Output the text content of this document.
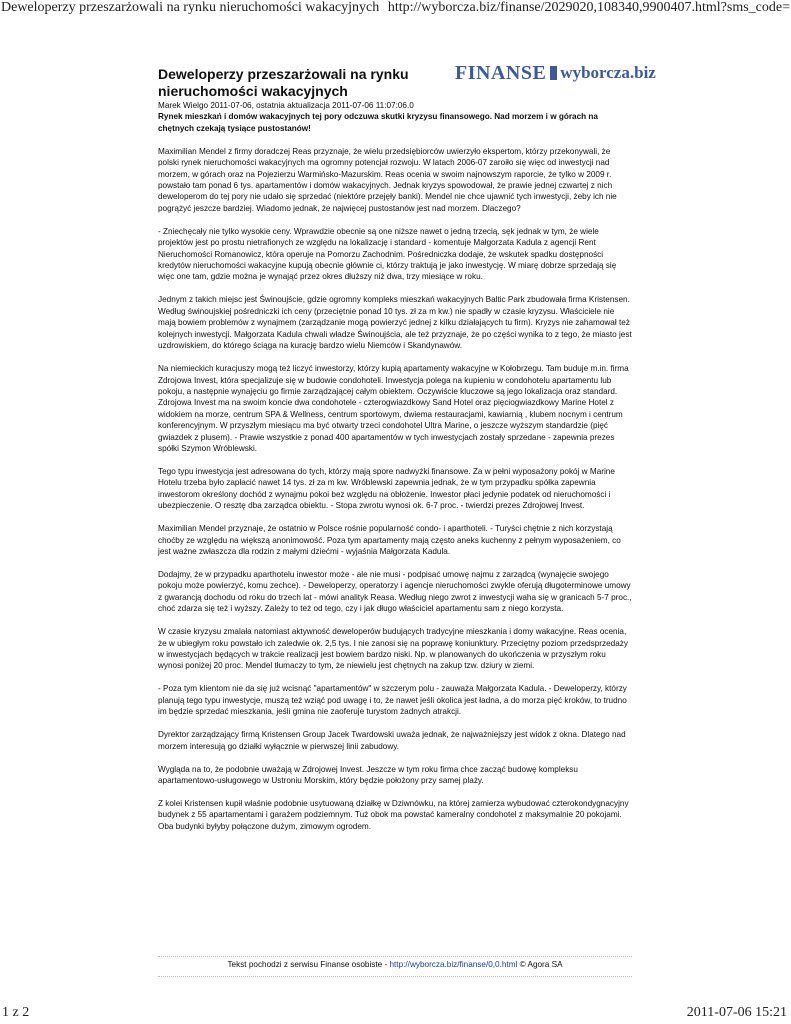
Deweloperzy przeszarżowali na rynku nieruchomości wakacyjnych http://wyborcza.biz/finanse/2029020,108340,9900407.html?sms_code=
FINANSE wyborcza .biz
Deweloperzy przeszarżowali na rynku nieruchomości wakacyjnych

Marek Wielgo 2011-07-06, ostatnia aktualizacja 2011-07-06 11:07:06.0

Rynek mieszkań i domów wakacyjnych tej pory odczuwa skutki kryzysu finansowego. Nad morzem i w górach na chętnych czekają tysiące pustostanów!

Maximilian Mendel z firmy doradczej Reas przyznaje, że wielu przedsiębiorców uwierzyło ekspertom, którzy przekonywali, że polski rynek nieruchomości wakacyjnych ma ogromny potencjał rozwoju. W latach 2006-07 zaroiło się więc od inwestycji nad morzem, w górach oraz na Pojezierzu Warmińsko-Mazurskim. Reas ocenia w swoim najnowszym raporcie, że tylko w 2009 r. powstało tam ponad 6 tys. apartamentów i domów wakacyjnych. Jednak kryzys spowodował, że prawie jednej czwartej z nich deweloperom do tej pory nie udało się sprzedać (niektóre przejęły banki). Mendel nie chce ujawnić tych inwestycji, żeby ich nie pogrążyć jeszcze bardziej. Wiadomo jednak, że najwięcej pustostanów jest nad morzem. Dlaczego?

- Zniechęcały nie tylko wysokie ceny. Wprawdzie obecnie są one niższe nawet o jedną trzecią, sęk jednak w tym, że wiele projektów jest po prostu nietrafionych ze względu na lokalizację i standard - komentuje Małgorzata Kadula z agencji Rent Nieruchomości Romanowicz, która operuje na Pomorzu Zachodnim. Pośredniczka dodaje, że wskutek spadku dostępności kredytów nieruchomości wakacyjne kupują obecnie głównie ci, którzy traktują je jako inwestycję. W miarę dobrze sprzedają się więc one tam, gdzie można je wynająć przez okres dłuższy niż dwa, trzy miesiące w roku.

Jednym z takich miejsc jest Świnoujście, gdzie ogromny kompleks mieszkań wakacyjnych Baltic Park zbudowała firma Kristensen. Według świnoujskiej pośredniczki ich ceny (przeciętnie ponad 10 tys. zł za m kw.) nie spadły w czasie kryzysu. Właściciele nie mają bowiem problemów z wynajmem (zarządzanie mogą powierzyć jednej z kilku działających tu firm). Kryzys nie zahamował też kolejnych inwestycji. Małgorzata Kadula chwali władze Świnoujścia, ale też przyznaje, że po części wynika to z tego, że miasto jest uzdrowiskiem, do którego ściąga na kurację bardzo wielu Niemców i Skandynawów.

Na niemieckich kuracjuszy mogą też liczyć inwestorzy, którzy kupią apartamenty wakacyjne w Kołobrzegu. Tam buduje m.in. firma Zdrojowa Invest, która specjalizuje się w budowie condohoteli. Inwestycja polega na kupieniu w condohotelu apartamentu lub pokoju, a następnie wynajęciu go firmie zarządzającej całym obiektem. Oczywiście kluczowe są jego lokalizacja oraz standard. Zdrojowa Invest ma na swoim koncie dwa condohotele - czterogwiazdkowy Sand Hotel oraz pięciogwiazdkowy Marine Hotel z widokiem na morze, centrum SPA & Wellness, centrum sportowym, dwiema restauracjami, kawiarnią , klubem nocnym i centrum konferencyjnym. W przyszłym miesiącu ma być otwarty trzeci condohotel Ultra Marine, o jeszcze wyższym standardzie (pięć gwiazdek z plusem). - Prawie wszystkie z ponad 400 apartamentów w tych inwestycjach zostały sprzedane - zapewnia prezes spółki Szymon Wróblewski.

Tego typu inwestycja jest adresowana do tych, którzy mają spore nadwyżki finansowe. Za w pełni wyposażony pokój w Marine Hotelu trzeba było zapłacić nawet 14 tys. zł za m kw. Wróblewski zapewnia jednak, że w tym przypadku spółka zapewnia inwestorom określony dochód z wynajmu pokoi bez względu na obłożenie. Inwestor płaci jedynie podatek od nieruchomości i ubezpieczenie. O resztę dba zarządca obiektu. - Stopa zwrotu wynosi ok. 6-7 proc. - twierdzi prezes Zdrojowej Invest.

Maximilian Mendel przyznaje, że ostatnio w Polsce rośnie popularność condo- i aparthoteli. - Turyści chętnie z nich korzystają choćby ze względu na większą anonimowość. Poza tym apartamenty mają często aneks kuchenny z pełnym wyposażeniem, co jest ważne zwłaszcza dla rodzin z małymi dziećmi - wyjaśnia Małgorzata Kadula.

Dodajmy, że w przypadku aparthotelu inwestor może - ale nie musi - podpisać umowę najmu z zarządcą (wynajęcie swojego pokoju może powierzyć, komu zechce). - Deweloperzy, operatorzy i agencje nieruchomości zwykle oferują długoterminowe umowy z gwarancją dochodu od roku do trzech lat - mówi analityk Reasa. Według niego zwrot z inwestycji waha się w granicach 5-7 proc., choć zdarza się też i wyższy. Zależy to też od tego, czy i jak długo właściciel apartamentu sam z niego korzysta.

W czasie kryzysu zmalała natomiast aktywność deweloperów budujących tradycyjne mieszkania i domy wakacyjne. Reas ocenia, że w ubiegłym roku powstało ich zaledwie ok. 2,5 tys. I nie zanosi się na poprawę koniunktury. Przeciętny poziom przedsprzedaży w inwestycjach będących w trakcie realizacji jest bowiem bardzo niski. Np. w planowanych do ukończenia w przyszłym roku wynosi poniżej 20 proc. Mendel tłumaczy to tym, że niewielu jest chętnych na zakup tzw. dziury w ziemi.

- Poza tym klientom nie da się już wcisnąć "apartamentów" w szczerym polu - zauważa Małgorzata Kadula. - Deweloperzy, którzy planują tego typu inwestycje, muszą też wziąć pod uwagę i to, że nawet jeśli okolica jest ładna, a do morza pięć kroków, to trudno im będzie sprzedać mieszkania, jeśli gmina nie zaoferuje turystom żadnych atrakcji.

Dyrektor zarządzający firmą Kristensen Group Jacek Twardowski uważa jednak, że najważniejszy jest widok z okna. Dlatego nad morzem interesują go działki wyłącznie w pierwszej linii zabudowy.

Wygląda na to, że podobnie uważają w Zdrojowej Invest. Jeszcze w tym roku firma chce zacząć budowę kompleksu apartamentowo-usługowego w Ustroniu Morskim, który będzie położony przy samej plaży.

Z kolei Kristensen kupił właśnie podobnie usytuowaną działkę w Dziwnówku, na której zamierza wybudować czterokondygnacyjny budynek z 55 apartamentami i garażem podziemnym. Tuż obok ma powstać kameralny condohotel z maksymalnie 20 pokojami. Oba budynki byłyby połączone dużym, zimowym ogrodem.

Tekst pochodzi z serwisu Finanse osobiste - http://wyborcza.biz/finanse/0,0.html © Agora SA
1 z 2	2011-07-06 15:21
